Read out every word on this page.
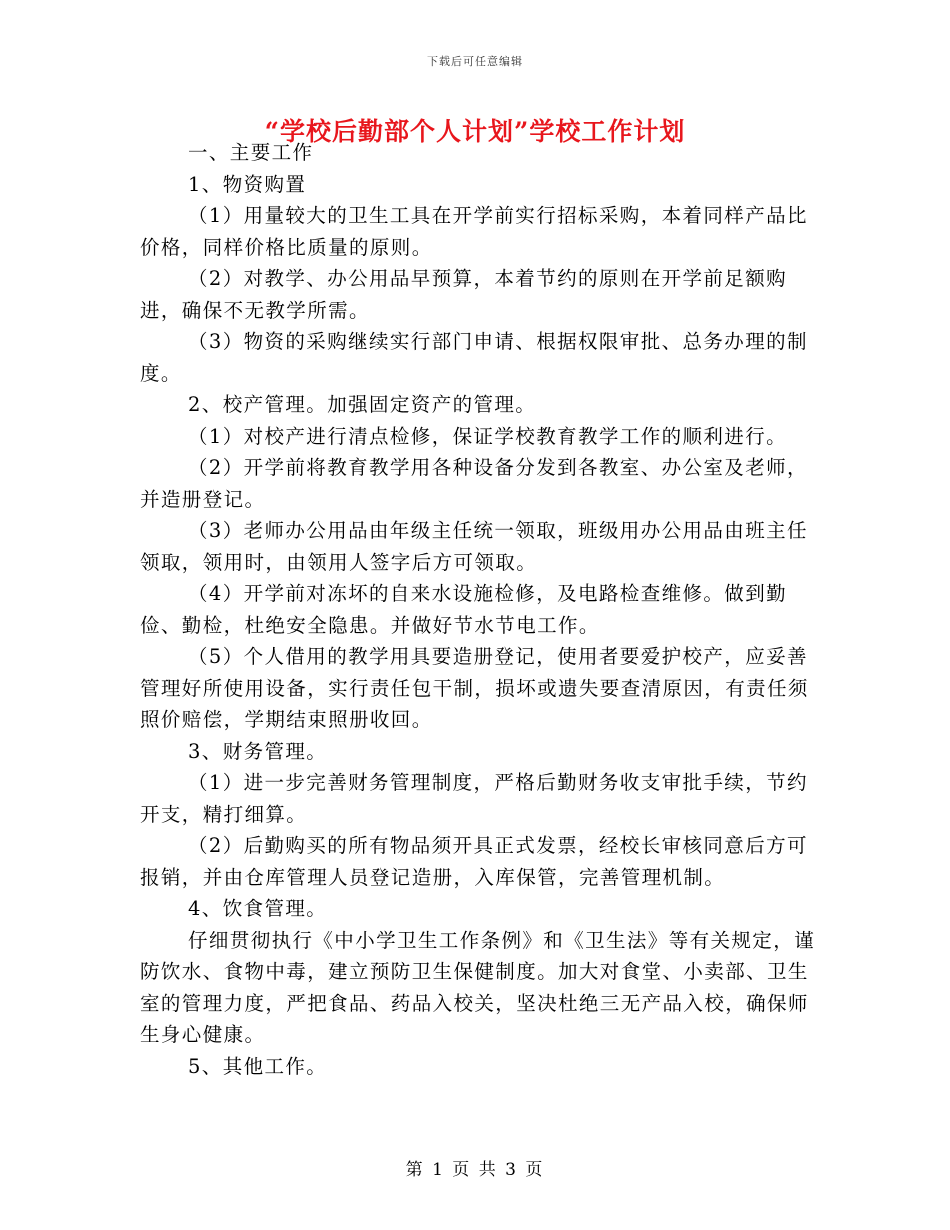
下载后可任意编辑
“学校后勤部个人计划”学校工作计划

一、主要工作

1、物资购置

（1）用量较大的卫生工具在开学前实行招标采购，本着同样产品比价格，同样价格比质量的原则。

（2）对教学、办公用品早预算，本着节约的原则在开学前足额购进，确保不无教学所需。

（3）物资的采购继续实行部门申请、根据权限审批、总务办理的制度。

2、校产管理。加强固定资产的管理。

（1）对校产进行清点检修，保证学校教育教学工作的顺利进行。

（2）开学前将教育教学用各种设备分发到各教室、办公室及老师，并造册登记。

（3）老师办公用品由年级主任统一领取，班级用办公用品由班主任领取，领用时，由领用人签字后方可领取。

（4）开学前对冻坏的自来水设施检修，及电路检查维修。做到勤俭、勤检，杜绝安全隐患。并做好节水节电工作。

（5）个人借用的教学用具要造册登记，使用者要爱护校产，应妥善管理好所使用设备，实行责任包干制，损坏或遗失要查清原因，有责任须照价赔偿，学期结束照册收回。

3、财务管理。

（1）进一步完善财务管理制度，严格后勤财务收支审批手续，节约开支，精打细算。

（2）后勤购买的所有物品须开具正式发票，经校长审核同意后方可报销，并由仓库管理人员登记造册，入库保管，完善管理机制。

4、饮食管理。

仔细贯彻执行《中小学卫生工作条例》和《卫生法》等有关规定，谨防饮水、食物中毒，建立预防卫生保健制度。加大对食堂、小卖部、卫生室的管理力度，严把食品、药品入校关，坚决杜绝三无产品入校，确保师生身心健康。

5、其他工作。

第 1 页 共 3 页
